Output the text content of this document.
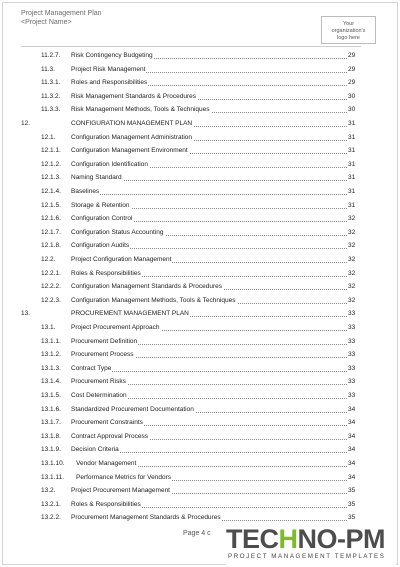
Project Management Plan
<Project Name>	Your
organization's
logo here
11.2.7. Risk Contingency Budgeting	29
11.3. Project Risk Management	29
11.3.1. Roles and Responsibilities	29
11.3.2. Risk Management Standards & Procedures	30
11.3.3. Risk Management Methods, Tools & Techniques	30
12.	CONFIGURATION MANAGEMENT PLAN	31
12.1. Configuration Management Administration	31
12.1.1. Configuration Management Environment	31
12.1.2. Configuration Identification	31
12.1.3. Naming Standard	31
12.1.4. Baselines	31
12.1.5. Storage & Retention	31
12.1.6. Configuration Control	32
12.1.7. Configuration Status Accounting	32
12.1.8. Configuration Audits	32
12.2. Project Configuration Management	32
12.2.1. Roles & Responsibilities	32
12.2.2. Configuration Management Standards & Procedures	32
12.2.3. Configuration Management Methods, Tools & Techniques	32
13.	PROCUREMENT MANAGEMENT PLAN	33
13.1. Project Procurement Approach	33
13.1.1. Procurement Definition	33
13.1.2. Procurement Process	33
13.1.3. Contract Type	33
13.1.4. Procurement Risks	33
13.1.5. Cost Determination	33
13.1.6. Standardized Procurement Documentation	34
13.1.7. Procurement Constraints	34
13.1.8. Contract Approval Process	34
13.1.9. Decision Criteria	34
13.1.10. Vendor Management	34
13.1.11. Performance Metrics for Vendors	34
13.2. Project Procurement Management	35
13.2.1. Roles & Responsibilities	35
13.2.2. Procurement Management Standards & Procedures	35
Page 4 c TECHNO-PM
PROJECT MANAGEMENT TEMPLATES
